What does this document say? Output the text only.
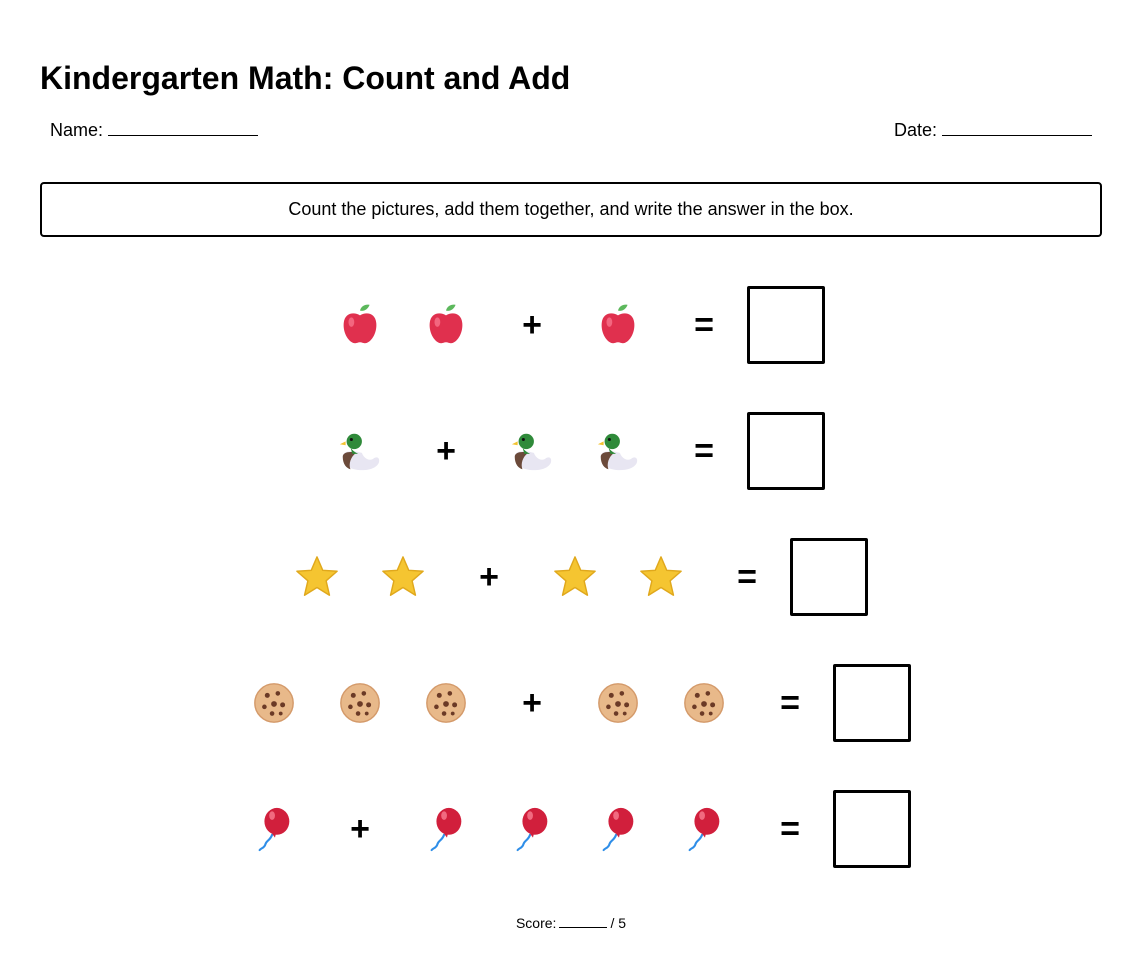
Kindergarten Math: Count and Add
Name:	Date:
Count the pictures, add them together, and write the answer in the box.
+	=
+	=
+	=
+	=
+	=
Score:	/ 5
